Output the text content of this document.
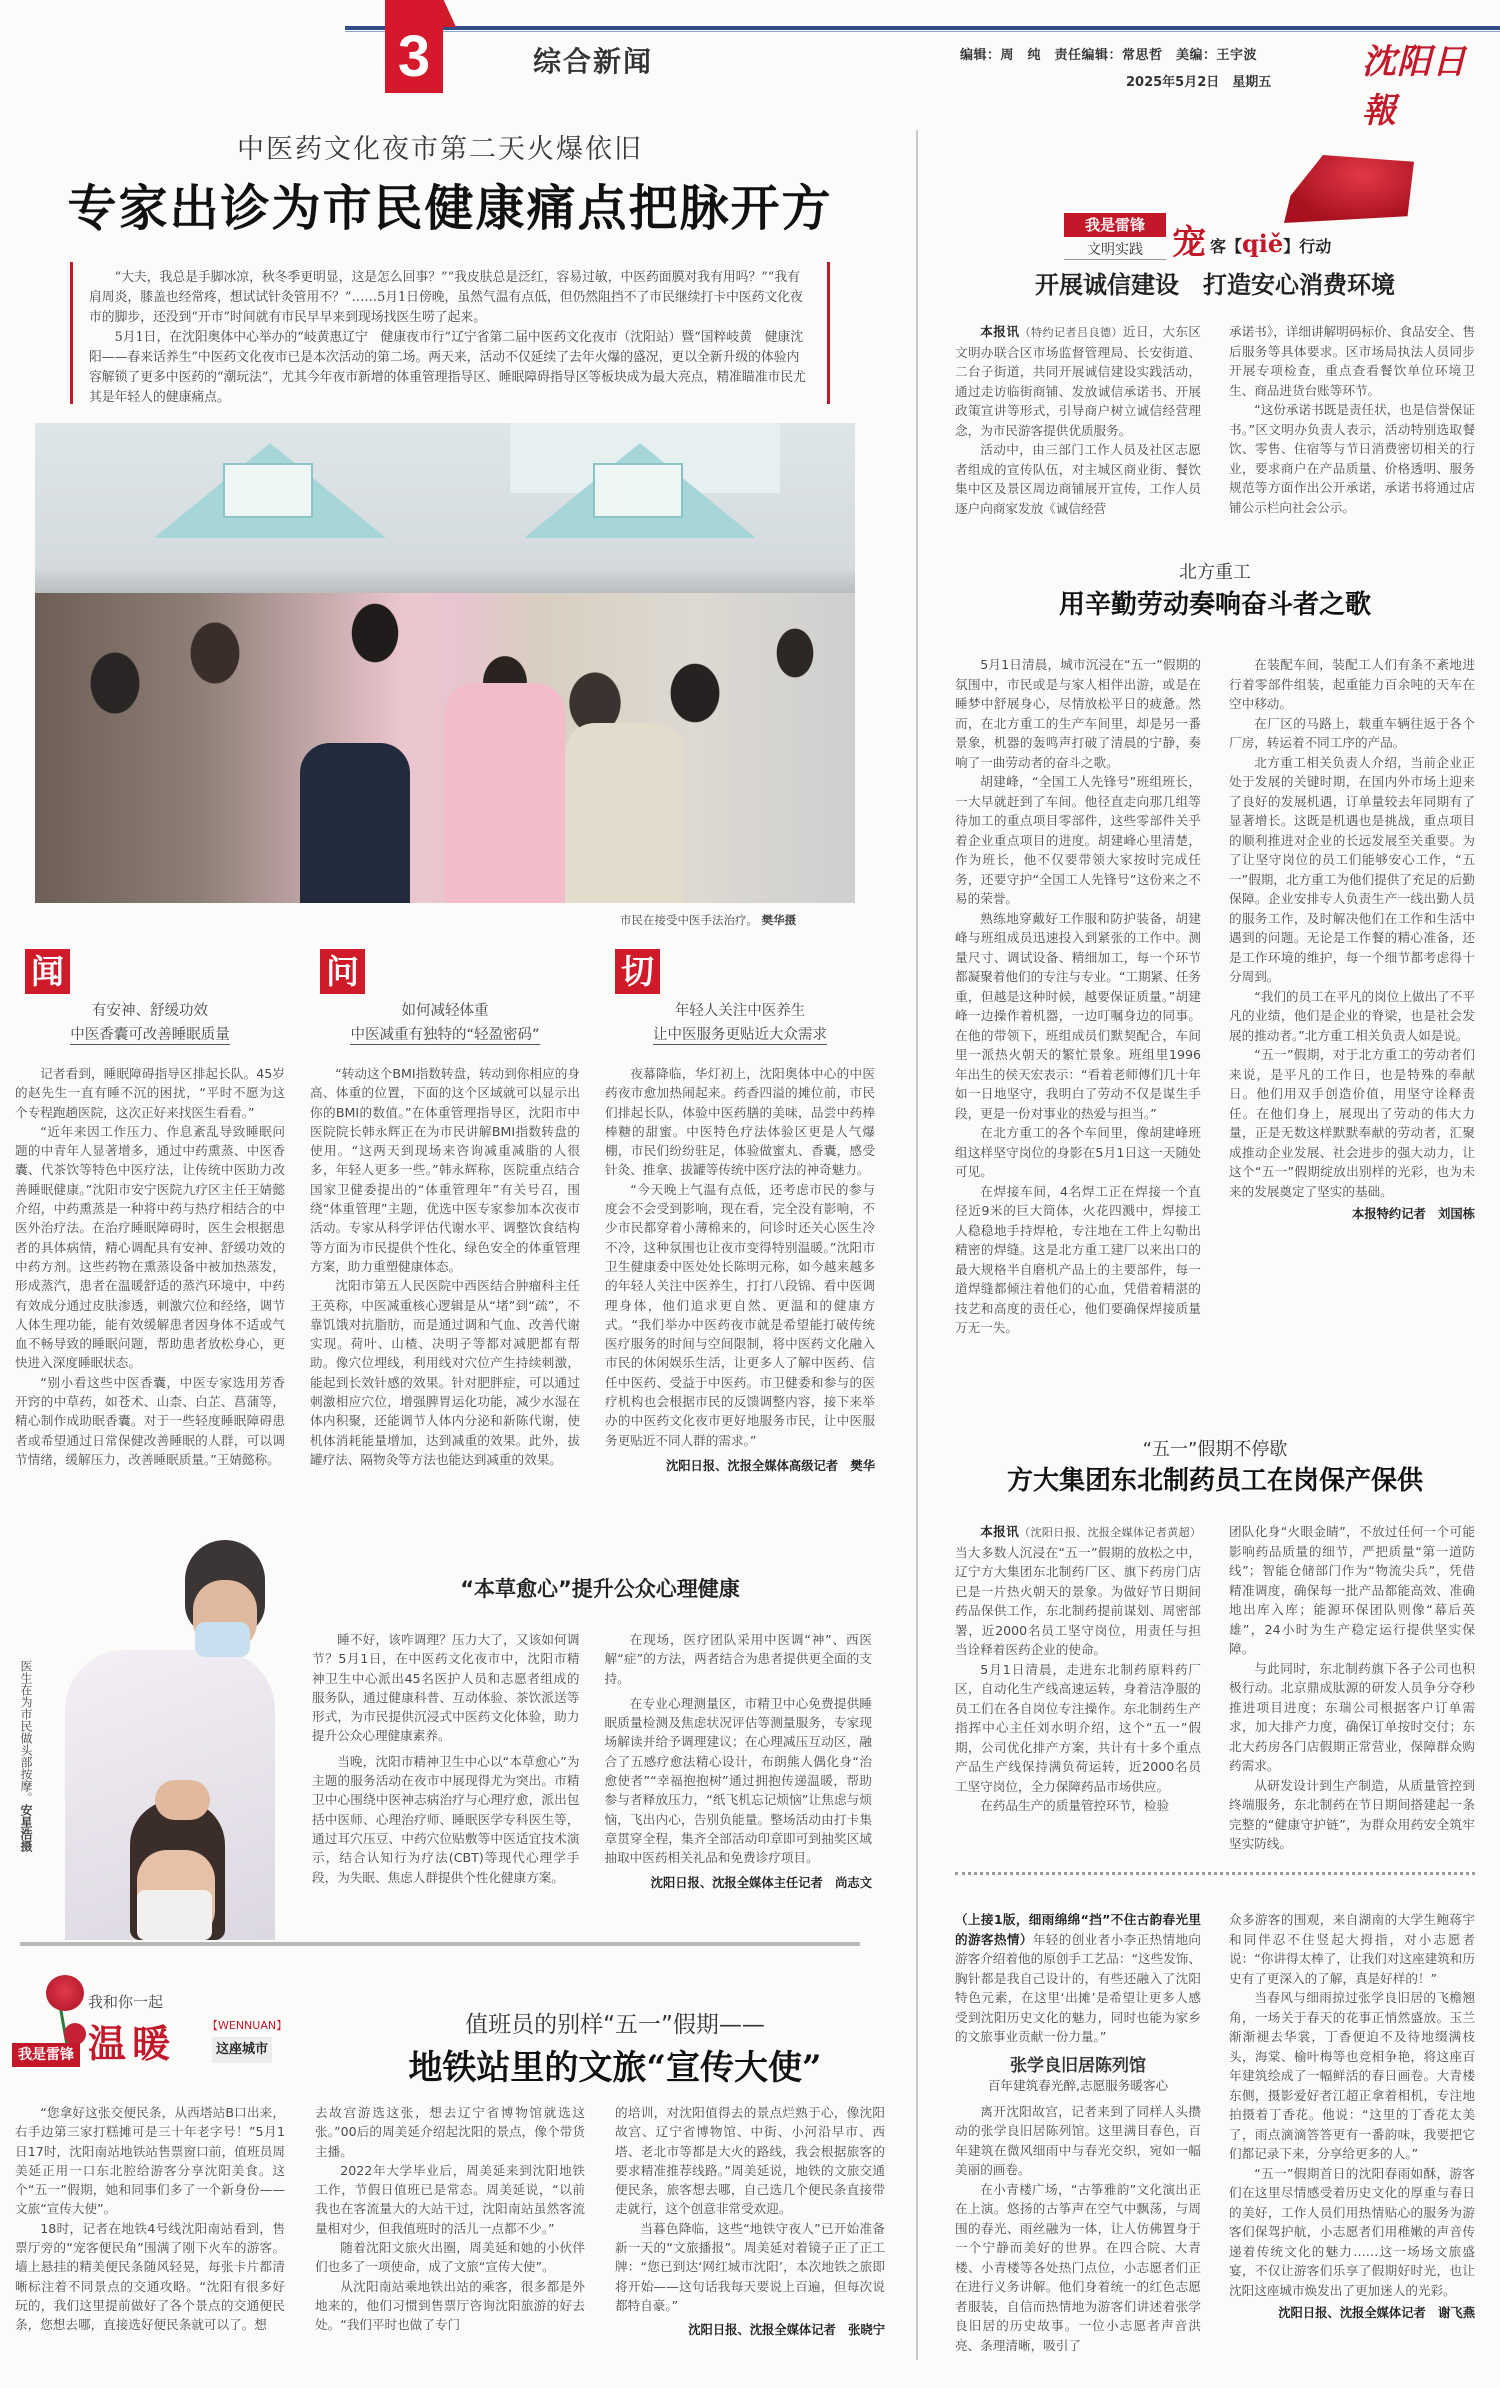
3	综合新闻	编辑：周　纯　责任编辑：常思哲　美编：王宇波
2025年5月2日　星期五
沈阳日報
中医药文化夜市第二天火爆依旧
专家出诊为市民健康痛点把脉开方

“大夫，我总是手脚冰凉，秋冬季更明显，这是怎么回事？”“我皮肤总是泛红，容易过敏，中医药面膜对我有用吗？”“我有肩周炎，膝盖也经常疼，想试试针灸管用不？”……5月1日傍晚，虽然气温有点低，但仍然阻挡不了市民继续打卡中医药文化夜市的脚步，还没到“开市”时间就有市民早早来到现场找医生唠了起来。

5月1日，在沈阳奥体中心举办的“岐黄惠辽宁　健康夜市行”辽宁省第二届中医药文化夜市（沈阳站）暨“国粹岐黄　健康沈阳——春来话养生”中医药文化夜市已是本次活动的第二场。两天来，活动不仅延续了去年火爆的盛况，更以全新升级的体验内容解锁了更多中医药的“潮玩法”，尤其今年夜市新增的体重管理指导区、睡眠障碍指导区等板块成为最大亮点，精准瞄准市民尤其是年轻人的健康痛点。

市民在接受中医手法治疗。 樊华摄
闻
有安神、舒缓功效
中医香囊可改善睡眠质量

记者看到，睡眠障碍指导区排起长队。45岁的赵先生一直有睡不沉的困扰，“平时不愿为这个专程跑趟医院，这次正好来找医生看看。”

“近年来因工作压力、作息紊乱导致睡眠问题的中青年人显著增多，通过中药熏蒸、中医香囊、代茶饮等特色中医疗法，让传统中医助力改善睡眠健康。”沈阳市安宁医院九疗区主任王婧懿介绍，中药熏蒸是一种将中药与热疗相结合的中医外治疗法。在治疗睡眠障碍时，医生会根据患者的具体病情，精心调配具有安神、舒缓功效的中药方剂。这些药物在熏蒸设备中被加热蒸发，形成蒸汽，患者在温暖舒适的蒸汽环境中，中药有效成分通过皮肤渗透，刺激穴位和经络，调节人体生理功能，能有效缓解患者因身体不适或气血不畅导致的睡眠问题，帮助患者放松身心，更快进入深度睡眠状态。

“别小看这些中医香囊，中医专家选用芳香开窍的中草药，如苍术、山柰、白芷、菖蒲等，精心制作成助眠香囊。对于一些轻度睡眠障碍患者或希望通过日常保健改善睡眠的人群，可以调节情绪，缓解压力，改善睡眠质量。”王婧懿称。

问
如何减轻体重
中医减重有独特的“轻盈密码”

“转动这个BMI指数转盘，转动到你相应的身高、体重的位置，下面的这个区域就可以显示出你的BMI的数值。”在体重管理指导区，沈阳市中医院院长韩永辉正在为市民讲解BMI指数转盘的使用。“这两天到现场来咨询减重减脂的人很多，年轻人更多一些。”韩永辉称，医院重点结合国家卫健委提出的“体重管理年”有关号召，围绕“体重管理”主题，优选中医专家参加本次夜市活动。专家从科学评估代谢水平、调整饮食结构等方面为市民提供个性化、绿色安全的体重管理方案，助力重塑健康体态。

沈阳市第五人民医院中西医结合肿瘤科主任王英称，中医减重核心逻辑是从“堵”到“疏”，不靠饥饿对抗脂肪，而是通过调和气血、改善代谢实现。荷叶、山楂、决明子等都对减肥都有帮助。像穴位埋线，利用线对穴位产生持续刺激，能起到长效针感的效果。针对肥胖症，可以通过刺激相应穴位，增强脾胃运化功能，减少水湿在体内积聚，还能调节人体内分泌和新陈代谢，使机体消耗能量增加，达到减重的效果。此外，拔罐疗法、隔物灸等方法也能达到减重的效果。

切
年轻人关注中医养生
让中医服务更贴近大众需求

夜幕降临，华灯初上，沈阳奥体中心的中医药夜市愈加热闹起来。药香四溢的摊位前，市民们排起长队，体验中医药膳的美味，品尝中药棒棒糖的甜蜜。中医特色疗法体验区更是人气爆棚，市民们纷纷驻足，体验做蜜丸、香囊，感受针灸、推拿、拔罐等传统中医疗法的神奇魅力。

“今天晚上气温有点低，还考虑市民的参与度会不会受到影响，现在看，完全没有影响，不少市民都穿着小薄棉来的，问诊时还关心医生冷不冷，这种氛围也让夜市变得特别温暖。”沈阳市卫生健康委中医处处长陈明元称，如今越来越多的年轻人关注中医养生，打打八段锦、看中医调理身体，他们追求更自然、更温和的健康方式。“我们举办中医药夜市就是希望能打破传统医疗服务的时间与空间限制，将中医药文化融入市民的休闲娱乐生活，让更多人了解中医药、信任中医药、受益于中医药。市卫健委和参与的医疗机构也会根据市民的反馈调整内容，接下来举办的中医药文化夜市更好地服务市民，让中医服务更贴近不同人群的需求。”

沈阳日报、沈报全媒体高级记者　樊华
医生在为市民做头部按摩。安星浩摄
“本草愈心”提升公众心理健康

睡不好，该咋调理？压力大了，又该如何调节？5月1日，在中医药文化夜市中，沈阳市精神卫生中心派出45名医护人员和志愿者组成的服务队，通过健康科普、互动体验、茶饮派送等形式，为市民提供沉浸式中医药文化体验，助力提升公众心理健康素养。

当晚，沈阳市精神卫生中心以“本草愈心”为主题的服务活动在夜市中展现得尤为突出。市精卫中心围绕中医神志病治疗与心理疗愈，派出包括中医师、心理治疗师、睡眠医学专科医生等，通过耳穴压豆、中药穴位贴敷等中医适宜技术演示，结合认知行为疗法(CBT)等现代心理学手段，为失眠、焦虑人群提供个性化健康方案。

在现场，医疗团队采用中医调“神”、西医解“症”的方法，两者结合为患者提供更全面的支持。

在专业心理测量区，市精卫中心免费提供睡眠质量检测及焦虑状况评估等测量服务，专家现场解读并给予调理建议；在心理减压互动区，融合了五感疗愈法精心设计，布朗熊人偶化身“治愈使者”“幸福抱抱树”通过拥抱传递温暖，帮助参与者释放压力，“纸飞机忘记烦恼”让焦虑与烦恼，飞出内心，告别负能量。整场活动由打卡集章贯穿全程，集齐全部活动印章即可到抽奖区域抽取中医药相关礼品和免费诊疗项目。

沈阳日报、沈报全媒体主任记者　尚志文
我是雷锋
我和你一起
温暖	【WENNUAN】
这座城市
值班员的别样“五一”假期——
地铁站里的文旅“宣传大使”

“您拿好这张交便民条，从西塔站B口出来，右手边第三家打糕摊可是三十年老字号！”5月1日17时，沈阳南站地铁站售票窗口前，值班员周美延正用一口东北腔给游客分享沈阳美食。这个“五一”假期，她和同事们多了一个新身份——文旅“宣传大使”。

18时，记者在地铁4号线沈阳南站看到，售票厅旁的“宠客便民角”围满了刚下火车的游客。墙上悬挂的精美便民条随风轻晃，每张卡片都清晰标注着不同景点的交通攻略。“沈阳有很多好玩的，我们这里提前做好了各个景点的交通便民条，您想去哪，直接选好便民条就可以了。想

去故宫游选这张，想去辽宁省博物馆就选这张。”00后的周美延介绍起沈阳的景点，像个带货主播。

2022年大学毕业后，周美延来到沈阳地铁工作，节假日值班已是常态。周美延说，“以前我也在客流量大的大站干过，沈阳南站虽然客流量相对少，但我值班时的活儿一点都不少。”

随着沈阳文旅火出圈，周美延和她的小伙伴们也多了一项使命，成了文旅“宣传大使”。

从沈阳南站乘地铁出站的乘客，很多都是外地来的，他们习惯到售票厅咨询沈阳旅游的好去处。“我们平时也做了专门

的培训，对沈阳值得去的景点烂熟于心，像沈阳故宫、辽宁省博物馆、中街、小河沿早市、西塔、老北市等都是大火的路线，我会根据旅客的要求精准推荐线路。”周美延说，地铁的文旅交通便民条，旅客想去哪，自己选几个便民条直接带走就行，这个创意非常受欢迎。

当暮色降临，这些“地铁守夜人”已开始准备新一天的“文旅播报”。周美延对着镜子正了正工牌：“您已到达‘网红城市沈阳’，本次地铁之旅即将开始——这句话我每天要说上百遍，但每次说都特自豪。”

沈阳日报、沈报全媒体记者　张晓宁
我是雷锋
文明实践 宠 客【qiě】行动
开展诚信建设　打造安心消费环境

本报讯（特约记者吕良德）近日，大东区文明办联合区市场监督管理局、长安街道、二台子街道，共同开展诚信建设实践活动，通过走访临街商铺、发放诚信承诺书、开展政策宣讲等形式，引导商户树立诚信经营理念，为市民游客提供优质服务。

活动中，由三部门工作人员及社区志愿者组成的宣传队伍，对主城区商业街、餐饮集中区及景区周边商铺展开宣传，工作人员逐户向商家发放《诚信经营

承诺书》，详细讲解明码标价、食品安全、售后服务等具体要求。区市场局执法人员同步开展专项检查，重点查看餐饮单位环境卫生、商品进货台账等环节。

“这份承诺书既是责任状，也是信誉保证书。”区文明办负责人表示，活动特别选取餐饮、零售、住宿等与节日消费密切相关的行业，要求商户在产品质量、价格透明、服务规范等方面作出公开承诺，承诺书将通过店铺公示栏向社会公示。

北方重工
用辛勤劳动奏响奋斗者之歌

5月1日清晨，城市沉浸在“五一”假期的氛围中，市民或是与家人相伴出游，或是在睡梦中舒展身心，尽情放松平日的疲惫。然而，在北方重工的生产车间里，却是另一番景象，机器的轰鸣声打破了清晨的宁静，奏响了一曲劳动者的奋斗之歌。

胡建峰，“全国工人先锋号”班组班长，一大早就赶到了车间。他径直走向那几组等待加工的重点项目零部件，这些零部件关乎着企业重点项目的进度。胡建峰心里清楚，作为班长，他不仅要带领大家按时完成任务，还要守护“全国工人先锋号”这份来之不易的荣誉。

熟练地穿戴好工作服和防护装备，胡建峰与班组成员迅速投入到紧张的工作中。测量尺寸、调试设备、精细加工，每一个环节都凝聚着他们的专注与专业。“工期紧、任务重，但越是这种时候，越要保证质量。”胡建峰一边操作着机器，一边叮嘱身边的同事。在他的带领下，班组成员们默契配合，车间里一派热火朝天的繁忙景象。班组里1996年出生的侯天宏表示：“看着老师傅们几十年如一日地坚守，我明白了劳动不仅是谋生手段，更是一份对事业的热爱与担当。”

在北方重工的各个车间里，像胡建峰班组这样坚守岗位的身影在5月1日这一天随处可见。

在焊接车间，4名焊工正在焊接一个直径近9米的巨大筒体，火花四溅中，焊接工人稳稳地手持焊枪，专注地在工件上勾勒出精密的焊缝。这是北方重工建厂以来出口的最大规格半自磨机产品上的主要部件，每一道焊缝都倾注着他们的心血，凭借着精湛的技艺和高度的责任心，他们要确保焊接质量万无一失。

在装配车间，装配工人们有条不紊地进行着零部件组装，起重能力百余吨的天车在空中移动。

在厂区的马路上，载重车辆往返于各个厂房，转运着不同工序的产品。

北方重工相关负责人介绍，当前企业正处于发展的关键时期，在国内外市场上迎来了良好的发展机遇，订单量较去年同期有了显著增长。这既是机遇也是挑战，重点项目的顺利推进对企业的长远发展至关重要。为了让坚守岗位的员工们能够安心工作，“五一”假期，北方重工为他们提供了充足的后勤保障。企业安排专人负责生产一线出勤人员的服务工作，及时解决他们在工作和生活中遇到的问题。无论是工作餐的精心准备，还是工作环境的维护，每一个细节都考虑得十分周到。

“我们的员工在平凡的岗位上做出了不平凡的业绩，他们是企业的脊梁，也是社会发展的推动者。”北方重工相关负责人如是说。

“五一”假期，对于北方重工的劳动者们来说，是平凡的工作日，也是特殊的奉献日。他们用双手创造价值，用坚守诠释责任。在他们身上，展现出了劳动的伟大力量，正是无数这样默默奉献的劳动者，汇聚成推动企业发展、社会进步的强大动力，让这个“五一”假期绽放出别样的光彩，也为未来的发展奠定了坚实的基础。

本报特约记者　刘国栋
“五一”假期不停歇
方大集团东北制药员工在岗保产保供

本报讯（沈阳日报、沈报全媒体记者黄超）当大多数人沉浸在“五一”假期的放松之中，辽宁方大集团东北制药厂区、旗下药房门店已是一片热火朝天的景象。为做好节日期间药品保供工作，东北制药提前谋划、周密部署，近2000名员工坚守岗位，用责任与担当诠释着医药企业的使命。

5月1日清晨，走进东北制药原料药厂区，自动化生产线高速运转，身着洁净服的员工们在各自岗位专注操作。东北制药生产指挥中心主任刘水明介绍，这个“五一”假期，公司优化排产方案，共计有十多个重点产品生产线保持满负荷运转，近2000名员工坚守岗位，全力保障药品市场供应。

在药品生产的质量管控环节，检验

团队化身“火眼金睛”，不放过任何一个可能影响药品质量的细节，严把质量“第一道防线”；智能仓储部门作为“物流尖兵”，凭借精准调度，确保每一批产品都能高效、准确地出库入库；能源环保团队则像“幕后英雄”，24小时为生产稳定运行提供坚实保障。

与此同时，东北制药旗下各子公司也积极行动。北京鼎成肽源的研发人员争分夺秒推进项目进度；东瑞公司根据客户订单需求，加大排产力度，确保订单按时交付；东北大药房各门店假期正常营业，保障群众购药需求。

从研发设计到生产制造，从质量管控到终端服务，东北制药在节日期间搭建起一条完整的“健康守护链”，为群众用药安全筑牢坚实防线。

（上接1版，细雨绵绵“挡”不住古韵春光里的游客热情）年轻的创业者小李正热情地向游客介绍着他的原创手工艺品：“这些发饰、胸针都是我自己设计的，有些还融入了沈阳特色元素，在这里‘出摊’是希望让更多人感受到沈阳历史文化的魅力，同时也能为家乡的文旅事业贡献一份力量。”

张学良旧居陈列馆
百年建筑春光醉,志愿服务暖客心

离开沈阳故宫，记者来到了同样人头攒动的张学良旧居陈列馆。这里满目春色，百年建筑在微风细雨中与春光交织，宛如一幅美丽的画卷。

在小青楼广场，“古筝雅韵”文化演出正在上演。悠扬的古筝声在空气中飘荡，与周围的春光、雨丝融为一体，让人仿佛置身于一个宁静而美好的世界。在四合院、大青楼、小青楼等各处热门点位，小志愿者们正在进行义务讲解。他们身着统一的红色志愿者服装，自信而热情地为游客们讲述着张学良旧居的历史故事。一位小志愿者声音洪亮、条理清晰，吸引了

众多游客的围观，来自湖南的大学生鲍蒋宇和同伴忍不住竖起大拇指，对小志愿者说：“你讲得太棒了，让我们对这座建筑和历史有了更深入的了解，真是好样的！”

当春风与细雨掠过张学良旧居的飞檐翘角，一场关于春天的花事正悄然盛放。玉兰渐渐褪去华裳，丁香便迫不及待地缀满枝头，海棠、榆叶梅等也竞相争艳，将这座百年建筑绘成了一幅鲜活的春日画卷。大青楼东侧，摄影爱好者江超正拿着相机，专注地拍摄着丁香花。他说：“这里的丁香花太美了，雨点滴滴答答更有一番韵味，我要把它们都记录下来，分享给更多的人。”

“五一”假期首日的沈阳春雨如酥，游客们在这里尽情感受着历史文化的厚重与春日的美好，工作人员们用热情贴心的服务为游客们保驾护航，小志愿者们用稚嫩的声音传递着传统文化的魅力……这一场场文旅盛宴，不仅让游客们乐享了假期好时光，也让沈阳这座城市焕发出了更加迷人的光彩。

沈阳日报、沈报全媒体记者　谢飞燕
